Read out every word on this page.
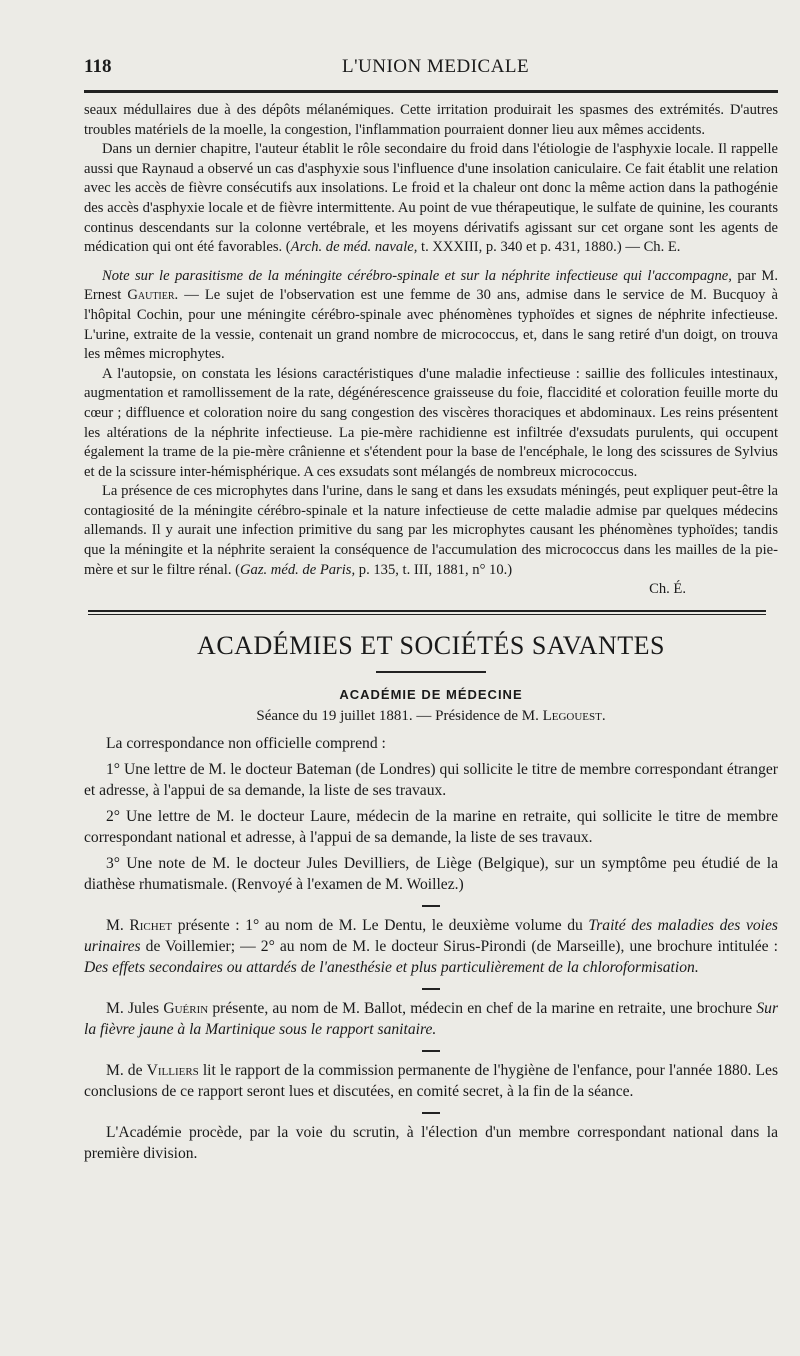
118	L'UNION MEDICALE

seaux médullaires due à des dépôts mélanémiques. Cette irritation produirait les spasmes des extrémités. D'autres troubles matériels de la moelle, la congestion, l'inflammation pourraient donner lieu aux mêmes accidents.

Dans un dernier chapitre, l'auteur établit le rôle secondaire du froid dans l'étiologie de l'asphyxie locale. Il rappelle aussi que Raynaud a observé un cas d'asphyxie sous l'influence d'une insolation caniculaire. Ce fait établit une relation avec les accès de fièvre consécutifs aux insolations. Le froid et la chaleur ont donc la même action dans la pathogénie des accès d'asphyxie locale et de fièvre intermittente. Au point de vue thérapeutique, le sulfate de quinine, les courants continus descendants sur la colonne vertébrale, et les moyens dérivatifs agissant sur cet organe sont les agents de médication qui ont été favorables. (Arch. de méd. navale, t. XXXIII, p. 340 et p. 431, 1880.) — Ch. E.

Note sur le parasitisme de la méningite cérébro-spinale et sur la néphrite infectieuse qui l'accompagne, par M. Ernest Gautier. — Le sujet de l'observation est une femme de 30 ans, admise dans le service de M. Bucquoy à l'hôpital Cochin, pour une méningite cérébro-spinale avec phénomènes typhoïdes et signes de néphrite infectieuse. L'urine, extraite de la vessie, contenait un grand nombre de micrococcus, et, dans le sang retiré d'un doigt, on trouva les mêmes microphytes.

A l'autopsie, on constata les lésions caractéristiques d'une maladie infectieuse : saillie des follicules intestinaux, augmentation et ramollissement de la rate, dégénérescence graisseuse du foie, flaccidité et coloration feuille morte du cœur ; diffluence et coloration noire du sang congestion des viscères thoraciques et abdominaux. Les reins présentent les altérations de la néphrite infectieuse. La pie-mère rachidienne est infiltrée d'exsudats purulents, qui occupent également la trame de la pie-mère crânienne et s'étendent pour la base de l'encéphale, le long des scissures de Sylvius et de la scissure inter-hémisphérique. A ces exsudats sont mélangés de nombreux micrococcus.

La présence de ces microphytes dans l'urine, dans le sang et dans les exsudats méningés, peut expliquer peut-être la contagiosité de la méningite cérébro-spinale et la nature infectieuse de cette maladie admise par quelques médecins allemands. Il y aurait une infection primitive du sang par les microphytes causant les phénomènes typhoïdes; tandis que la méningite et la néphrite seraient la conséquence de l'accumulation des micrococcus dans les mailles de la pie-mère et sur le filtre rénal. (Gaz. méd. de Paris, p. 135, t. III, 1881, n° 10.)

Ch. É.

ACADÉMIES ET SOCIÉTÉS SAVANTES
ACADÉMIE DE MÉDECINE
Séance du 19 juillet 1881. — Présidence de M. Legouest.

La correspondance non officielle comprend :

1° Une lettre de M. le docteur Bateman (de Londres) qui sollicite le titre de membre correspondant étranger et adresse, à l'appui de sa demande, la liste de ses travaux.

2° Une lettre de M. le docteur Laure, médecin de la marine en retraite, qui sollicite le titre de membre correspondant national et adresse, à l'appui de sa demande, la liste de ses travaux.

3° Une note de M. le docteur Jules Devilliers, de Liège (Belgique), sur un symptôme peu étudié de la diathèse rhumatismale. (Renvoyé à l'examen de M. Woillez.)

M. Richet présente : 1° au nom de M. Le Dentu, le deuxième volume du Traité des maladies des voies urinaires de Voillemier; — 2° au nom de M. le docteur Sirus-Pirondi (de Marseille), une brochure intitulée : Des effets secondaires ou attardés de l'anesthésie et plus particulièrement de la chloroformisation.

M. Jules Guérin présente, au nom de M. Ballot, médecin en chef de la marine en retraite, une brochure Sur la fièvre jaune à la Martinique sous le rapport sanitaire.

M. de Villiers lit le rapport de la commission permanente de l'hygiène de l'enfance, pour l'année 1880. Les conclusions de ce rapport seront lues et discutées, en comité secret, à la fin de la séance.

L'Académie procède, par la voie du scrutin, à l'élection d'un membre correspondant national dans la première division.
